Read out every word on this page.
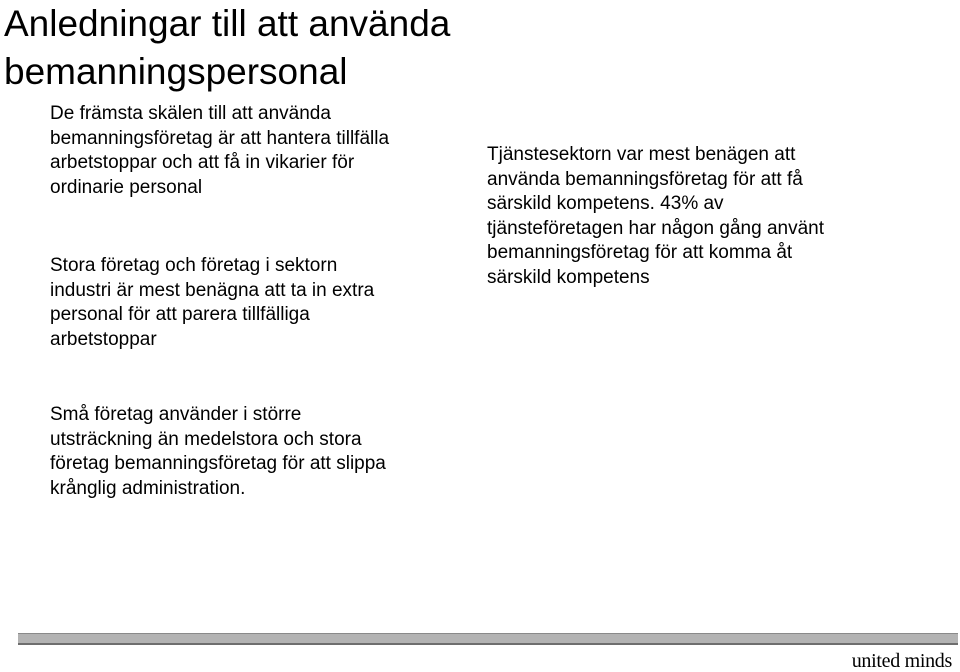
Anledningar till att använda
bemanningspersonal

De främsta skälen till att använda
bemanningsföretag är att hantera tillfälla
arbetstoppar och att få in vikarier för
ordinarie personal

Stora företag och företag i sektorn
industri är mest benägna att ta in extra
personal för att parera tillfälliga
arbetstoppar

Tjänstesektorn var mest benägen att
använda bemanningsföretag för att få
särskild kompetens. 43% av
tjänsteföretagen har någon gång använt
bemanningsföretag för att komma åt
särskild kompetens

Små företag använder i större
utsträckning än medelstora och stora
företag bemanningsföretag för att slippa
krånglig administration.

united minds
